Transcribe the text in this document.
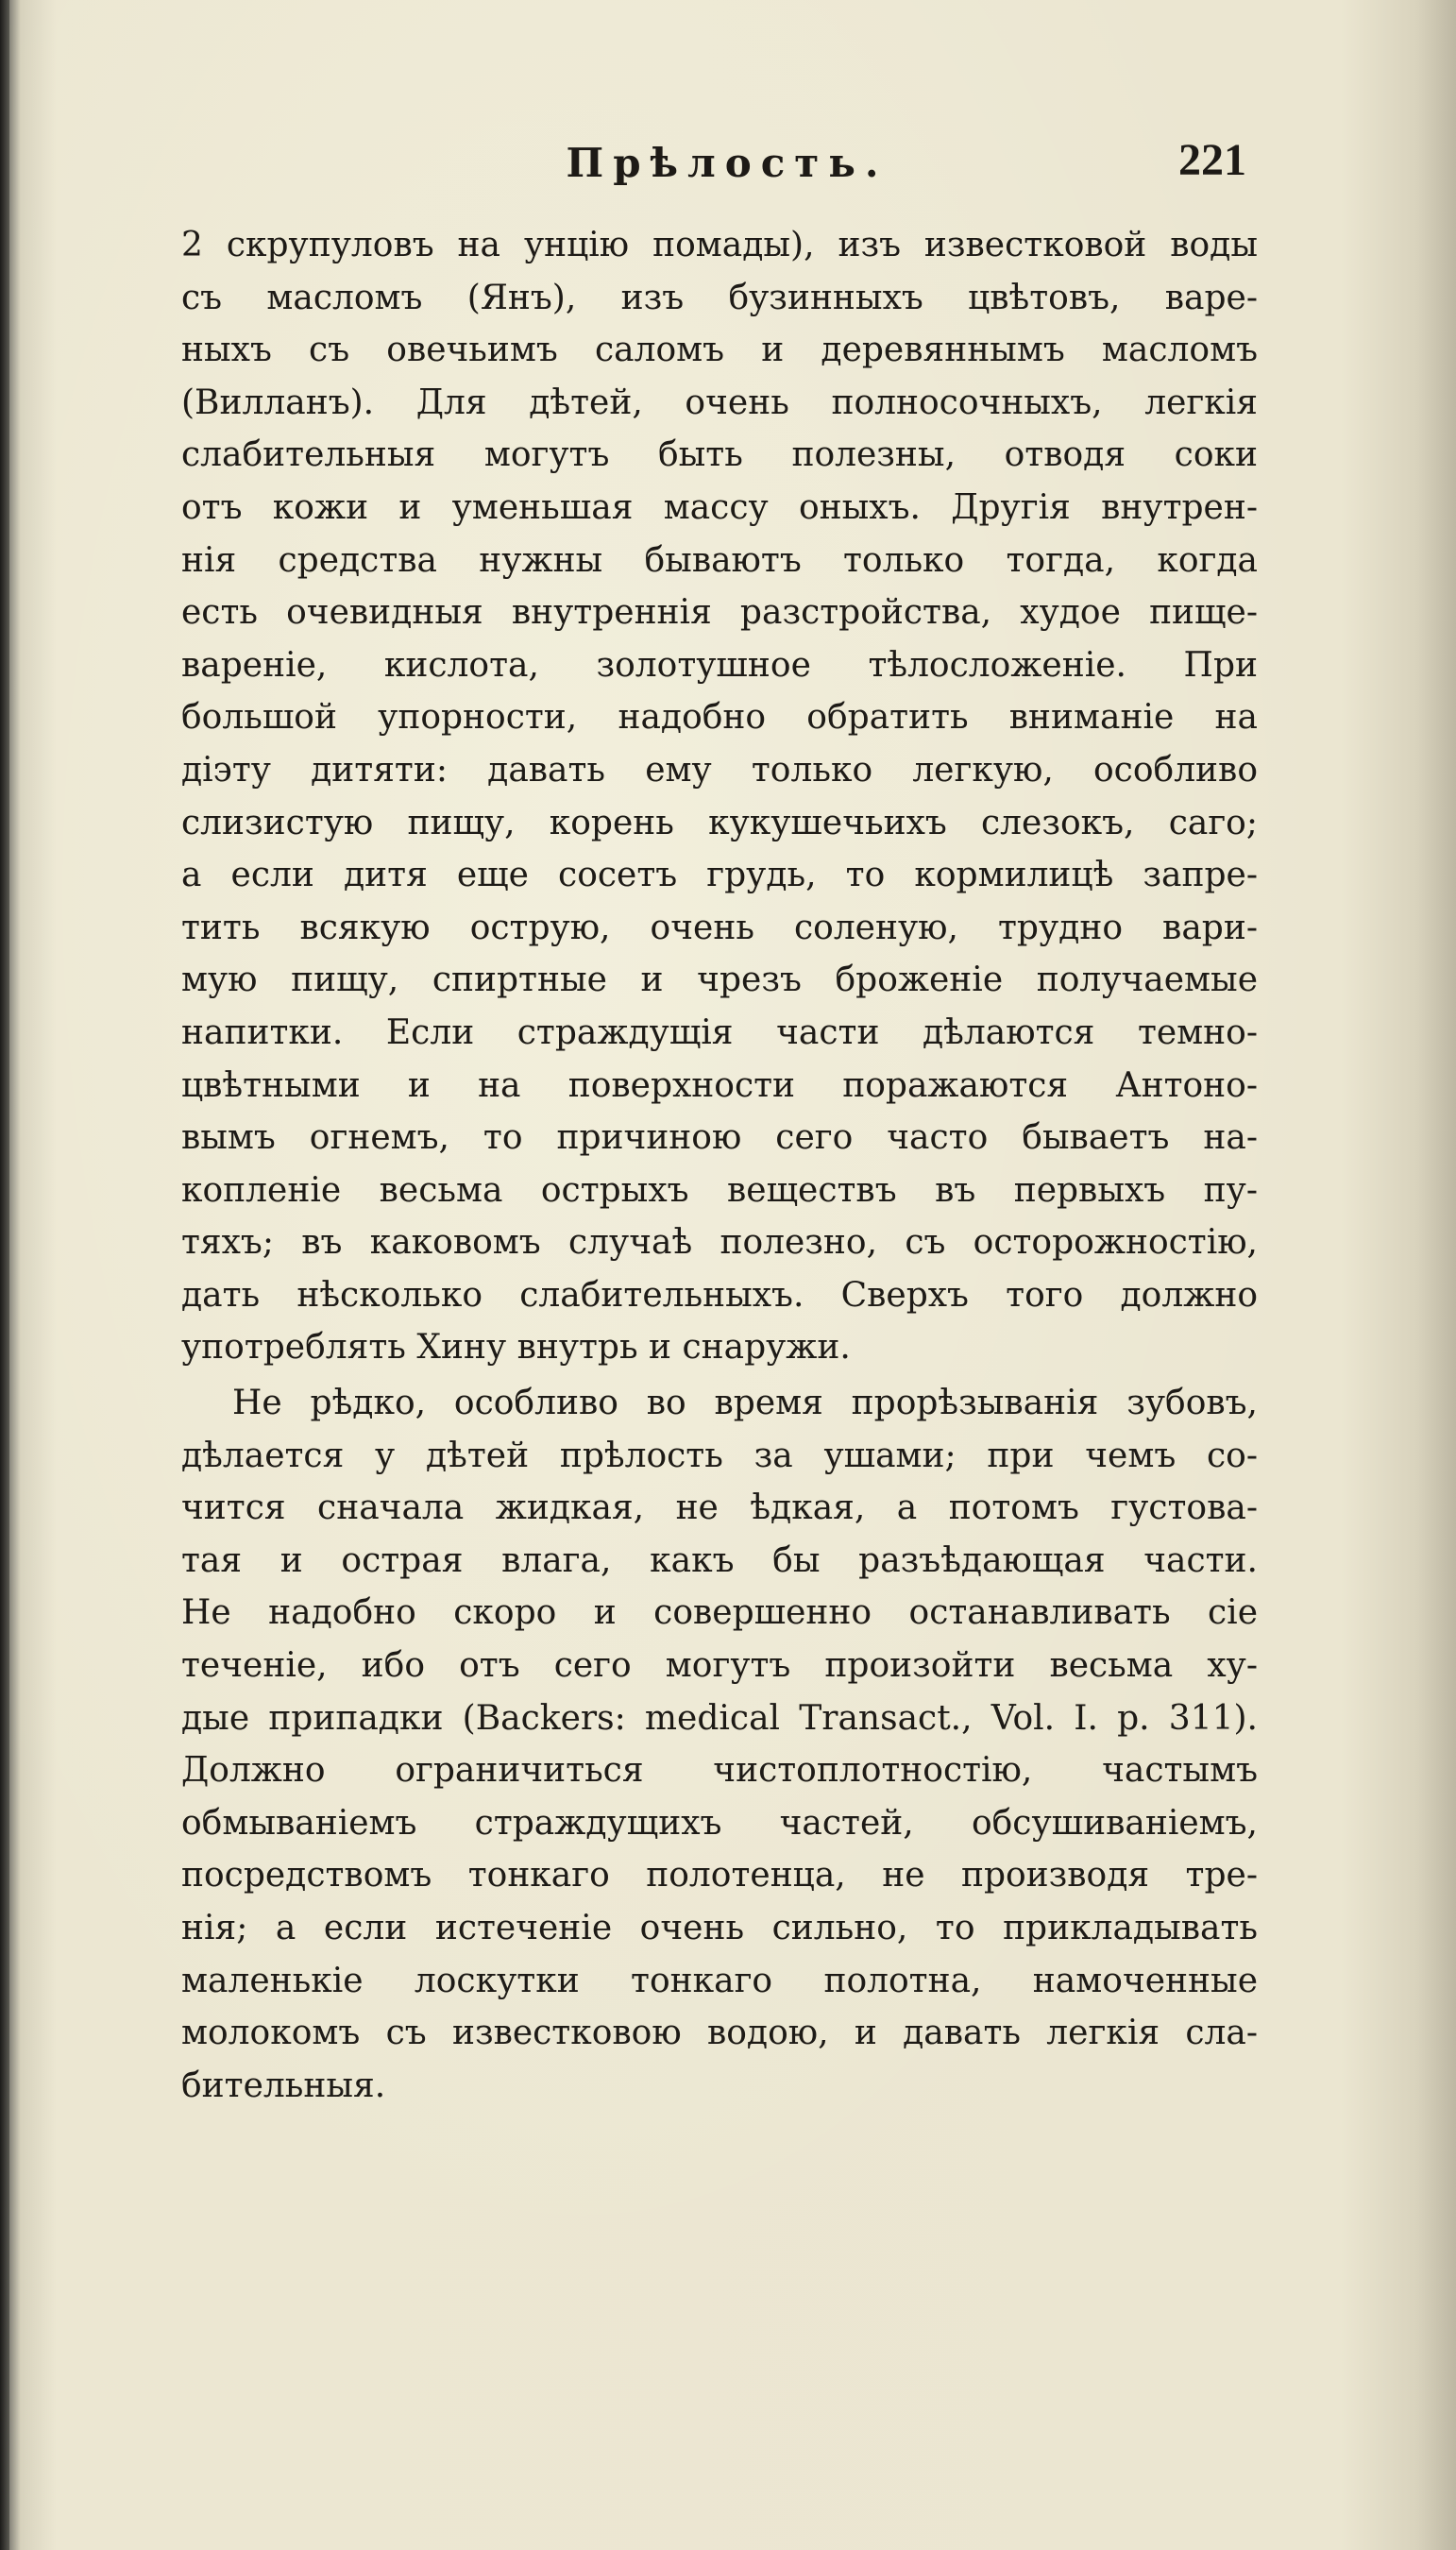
Прѣлость.	221
2 скрупуловъ на унцію помады), изъ известковой воды
съ масломъ (Янъ), изъ бузинныхъ цвѣтовъ, варе-
ныхъ съ овечьимъ саломъ и деревяннымъ масломъ
(Вилланъ). Для дѣтей, очень полносочныхъ, легкія
слабительныя могутъ быть полезны, отводя соки
отъ кожи и уменьшая массу оныхъ. Другія внутрен-
нія средства нужны бываютъ только тогда, когда
есть очевидныя внутреннія разстройства, худое пище-
вареніе, кислота, золотушное тѣлосложеніе. При
большой упорности, надобно обратить вниманіе на
діэту дитяти: давать ему только легкую, особливо
слизистую пищу, корень кукушечьихъ слезокъ, саго;
а если дитя еще сосетъ грудь, то кормилицѣ запре-
тить всякую острую, очень соленую, трудно вари-
мую пищу, спиртные и чрезъ броженіе получаемые
напитки. Если страждущія части дѣлаются темно-
цвѣтными и на поверхности поражаются Антоно-
вымъ огнемъ, то причиною сего часто бываетъ на-
копленіе весьма острыхъ веществъ въ первыхъ пу-
тяхъ; въ каковомъ случаѣ полезно, съ осторожностію,
дать нѣсколько слабительныхъ. Сверхъ того должно
употреблять Хину внутрь и снаружи.
Не рѣдко, особливо во время прорѣзыванія зубовъ,
дѣлается у дѣтей прѣлость за ушами; при чемъ со-
чится сначала жидкая, не ѣдкая, а потомъ густова-
тая и острая влага, какъ бы разъѣдающая части.
Не надобно скоро и совершенно останавливать сіе
теченіе, ибо отъ сего могутъ произойти весьма ху-
дые припадки (Backers: medical Transact., Vol. I. p. 311).
Должно ограничиться чистоплотностію, частымъ
обмываніемъ страждущихъ частей, обсушиваніемъ,
посредствомъ тонкаго полотенца, не производя тре-
нія; а если истеченіе очень сильно, то прикладывать
маленькіе лоскутки тонкаго полотна, намоченные
молокомъ съ известковою водою, и давать легкія сла-
бительныя.
